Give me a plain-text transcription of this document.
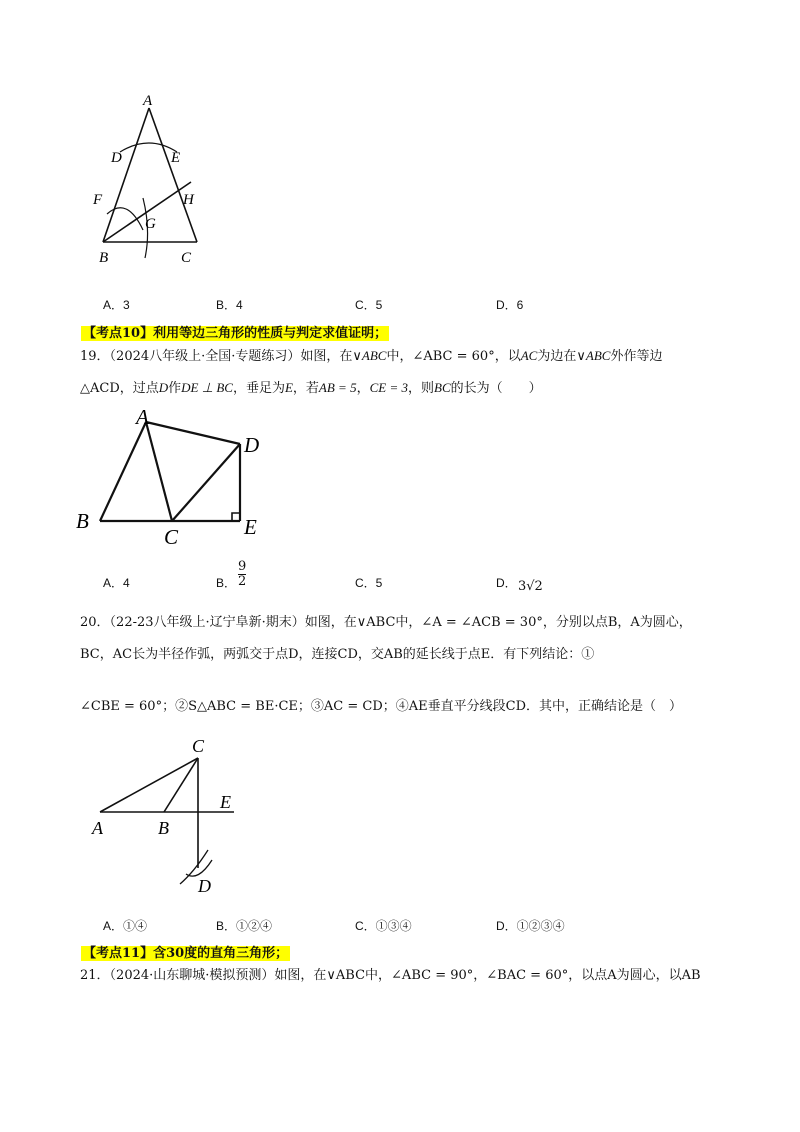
A
D	E
F	H
G
B	C
A．3	B．4	C．5	D．6
【考点10】利用等边三角形的性质与判定求值证明；
19．（2024八年级上·全国·专题练习）如图，在∨ABC中，∠ABC = 60°，以AC为边在∨ABC外作等边
△ACD，过点D作DE ⊥ BC，垂足为E，若AB = 5，CE = 3，则BC的长为（　　）
A
D
B
C	E
A．4	B． $\frac{9}{2}$	C．5	D． 3√2
20．（22-23八年级上·辽宁阜新·期末）如图，在∨ABC中，∠A = ∠ACB = 30°，分别以点B，A为圆心，
BC，AC长为半径作弧，两弧交于点D，连接CD，交AB的延长线于点E．有下列结论：①
∠CBE = 60°；②S△ABC = BE·CE；③AC = CD；④AE垂直平分线段CD．其中，正确结论是（　）
C
E
A	B
D
A．①④	B．①②④	C．①③④	D．①②③④
【考点11】含30度的直角三角形；
21．（2024·山东聊城·模拟预测）如图，在∨ABC中，∠ABC = 90°，∠BAC = 60°，以点A为圆心，以AB
